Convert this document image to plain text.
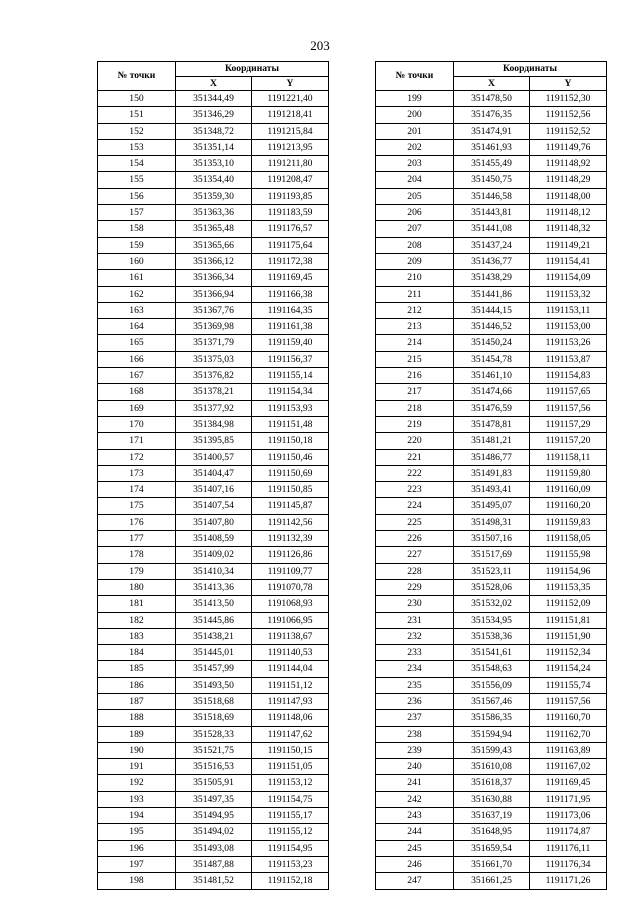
203
№ точки	Координаты	
	X	Y
150	351344,49	1191221,40
151	351346,29	1191218,41
152	351348,72	1191215,84
153	351351,14	1191213,95
154	351353,10	1191211,80
155	351354,40	1191208,47
156	351359,30	1191193,85
157	351363,36	1191183,59
158	351365,48	1191176,57
159	351365,66	1191175,64
160	351366,12	1191172,38
161	351366,34	1191169,45
162	351366,94	1191166,38
163	351367,76	1191164,35
164	351369,98	1191161,38
165	351371,79	1191159,40
166	351375,03	1191156,37
167	351376,82	1191155,14
168	351378,21	1191154,34
169	351377,92	1191153,93
170	351384,98	1191151,48
171	351395,85	1191150,18
172	351400,57	1191150,46
173	351404,47	1191150,69
174	351407,16	1191150,85
175	351407,54	1191145,87
176	351407,80	1191142,56
177	351408,59	1191132,39
178	351409,02	1191126,86
179	351410,34	1191109,77
180	351413,36	1191070,78
181	351413,50	1191068,93
182	351445,86	1191066,95
183	351438,21	1191138,67
184	351445,01	1191140,53
185	351457,99	1191144,04
186	351493,50	1191151,12
187	351518,68	1191147,93
188	351518,69	1191148,06
189	351528,33	1191147,62
190	351521,75	1191150,15
191	351516,53	1191151,05
192	351505,91	1191153,12
193	351497,35	1191154,75
194	351494,95	1191155,17
195	351494,02	1191155,12
196	351493,08	1191154,95
197	351487,88	1191153,23
198	351481,52	1191152,18
№ точки	Координаты	
	X	Y
199	351478,50	1191152,30
200	351476,35	1191152,56
201	351474,91	1191152,52
202	351461,93	1191149,76
203	351455,49	1191148,92
204	351450,75	1191148,29
205	351446,58	1191148,00
206	351443,81	1191148,12
207	351441,08	1191148,32
208	351437,24	1191149,21
209	351436,77	1191154,41
210	351438,29	1191154,09
211	351441,86	1191153,32
212	351444,15	1191153,11
213	351446,52	1191153,00
214	351450,24	1191153,26
215	351454,78	1191153,87
216	351461,10	1191154,83
217	351474,66	1191157,65
218	351476,59	1191157,56
219	351478,81	1191157,29
220	351481,21	1191157,20
221	351486,77	1191158,11
222	351491,83	1191159,80
223	351493,41	1191160,09
224	351495,07	1191160,20
225	351498,31	1191159,83
226	351507,16	1191158,05
227	351517,69	1191155,98
228	351523,11	1191154,96
229	351528,06	1191153,35
230	351532,02	1191152,09
231	351534,95	1191151,81
232	351538,36	1191151,90
233	351541,61	1191152,34
234	351548,63	1191154,24
235	351556,09	1191155,74
236	351567,46	1191157,56
237	351586,35	1191160,70
238	351594,94	1191162,70
239	351599,43	1191163,89
240	351610,08	1191167,02
241	351618,37	1191169,45
242	351630,88	1191171,95
243	351637,19	1191173,06
244	351648,95	1191174,87
245	351659,54	1191176,11
246	351661,70	1191176,34
247	351661,25	1191171,26
